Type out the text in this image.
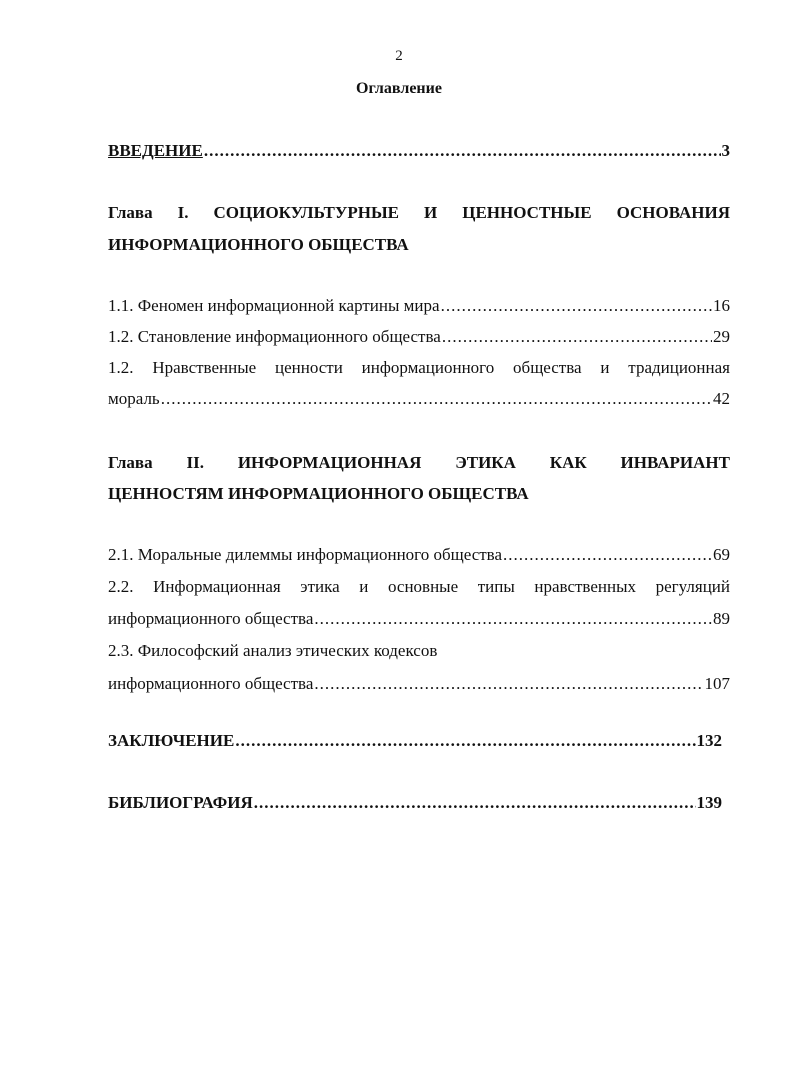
2
Оглавление
ВВЕДЕНИЕ .....	3
Глава I. СОЦИОКУЛЬТУРНЫЕ И ЦЕННОСТНЫЕ ОСНОВАНИЯ
ИНФОРМАЦИОННОГО ОБЩЕСТВА
1.1. Феномен информационной картины мира .....	16
1.2. Становление информационного общества .....	29
1.2. Нравственные ценности информационного общества и традиционная
мораль .....	42
Глава II. ИНФОРМАЦИОННАЯ ЭТИКА КАК ИНВАРИАНТ
ЦЕННОСТЯМ ИНФОРМАЦИОННОГО ОБЩЕСТВА
2.1. Моральные дилеммы информационного общества .....	69
2.2. Информационная этика и основные типы нравственных регуляций
информационного общества .....	89
2.3. Философский анализ этических кодексов
информационного общества .....	107
ЗАКЛЮЧЕНИЕ .....	132
БИБЛИОГРАФИЯ .....	139
